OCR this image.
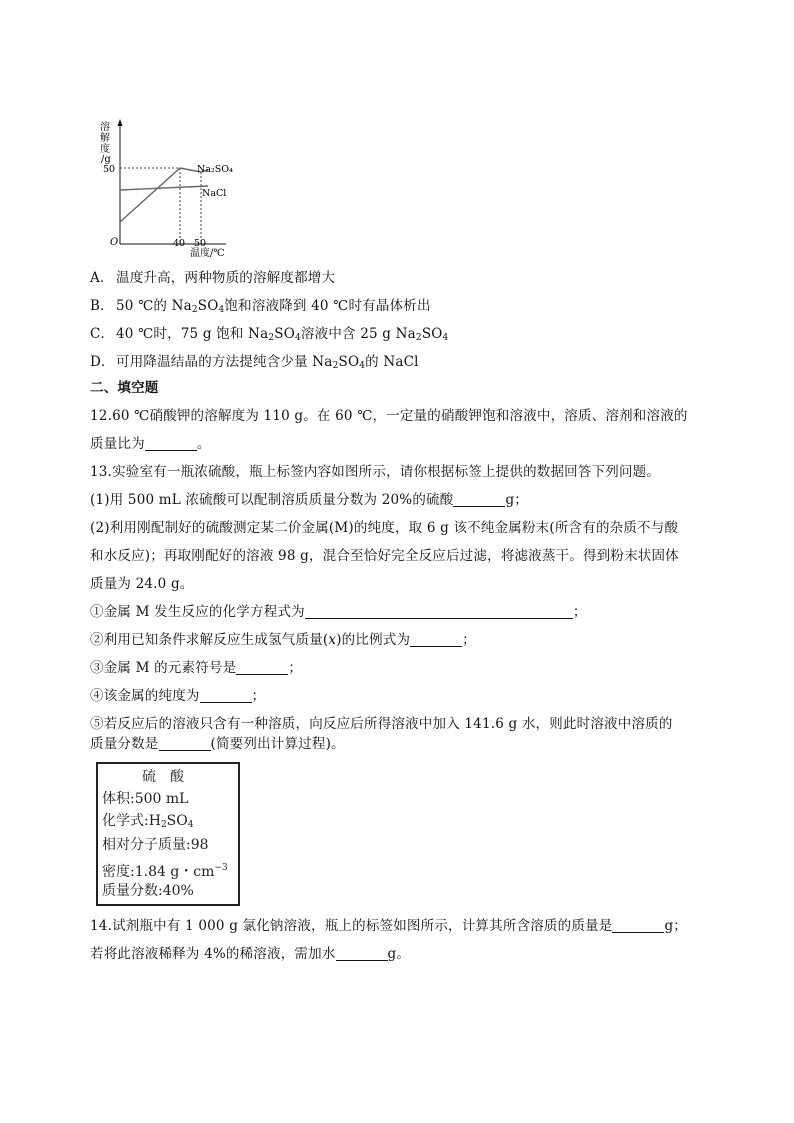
溶
解
度
/g
50
O	40 50
温度/℃
Na₂SO₄
NaCl
A． 温度升高，两种物质的溶解度都增大
B． 50 ℃的 $Na_2SO_4$饱和溶液降到 40 ℃时有晶体析出
C． 40 ℃时，75 g 饱和 $Na_2SO_4$溶液中含 25 g $Na_2SO_4$
D．可用降温结晶的方法提纯含少量 $Na_2SO_4$的 NaCl
二、填空题
12.60 ℃硝酸钾的溶解度为 110 g。在 60 ℃，一定量的硝酸钾饱和溶液中，溶质、溶剂和溶液的
质量比为	。
13.实验室有一瓶浓硫酸，瓶上标签内容如图所示，请你根据标签上提供的数据回答下列问题。
(1)用 500 mL 浓硫酸可以配制溶质质量分数为 20%的硫酸	g；
(2)利用刚配制好的硫酸测定某二价金属(M)的纯度，取 6 g 该不纯金属粉末(所含有的杂质不与酸
和水反应)；再取刚配好的溶液 98 g，混合至恰好完全反应后过滤，将滤液蒸干。得到粉末状固体
质量为 24.0 g。
①金属 M 发生反应的化学方程式为	；
②利用已知条件求解反应生成氢气质量(x)的比例式为	；
③金属 M 的元素符号是	；
④该金属的纯度为	；
⑤若反应后的溶液只含有一种溶质，向反应后所得溶液中加入 141.6 g 水，则此时溶液中溶质的
质量分数是	(简要列出计算过程)。
硫　酸
体积:500 mL
化学式$:H_2SO_4$
相对分子质量:98
密度:1.84 g・$cm^{-3}$
质量分数:40%
14.试剂瓶中有 1 000 g 氯化钠溶液，瓶上的标签如图所示，计算其所含溶质的质量是	g；
若将此溶液稀释为 4%的稀溶液，需加水	g。
